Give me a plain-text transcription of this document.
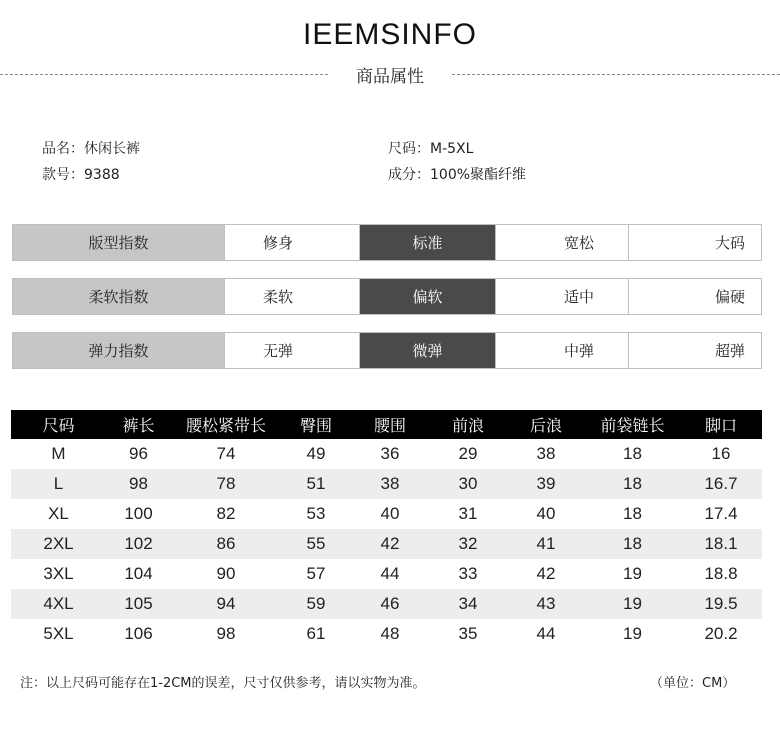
IEEMSINFO
商品属性
品名：休闲长裤	尺码：M-5XL
款号：9388	成分：100%聚酯纤维
版型指数	修身	标准	宽松	大码
柔软指数	柔软	偏软	适中	偏硬
弹力指数	无弹	微弹	中弹	超弹
尺码	裤长	腰松紧带长	臀围	腰围	前浪	后浪	前袋链长	脚口
M	96	74	49	36	29	38	18	16
L	98	78	51	38	30	39	18	16.7
XL	100	82	53	40	31	40	18	17.4
2XL	102	86	55	42	32	41	18	18.1
3XL	104	90	57	44	33	42	19	18.8
4XL	105	94	59	46	34	43	19	19.5
5XL	106	98	61	48	35	44	19	20.2
注：以上尺码可能存在1-2CM的误差，尺寸仅供参考，请以实物为准。	（单位：CM）
